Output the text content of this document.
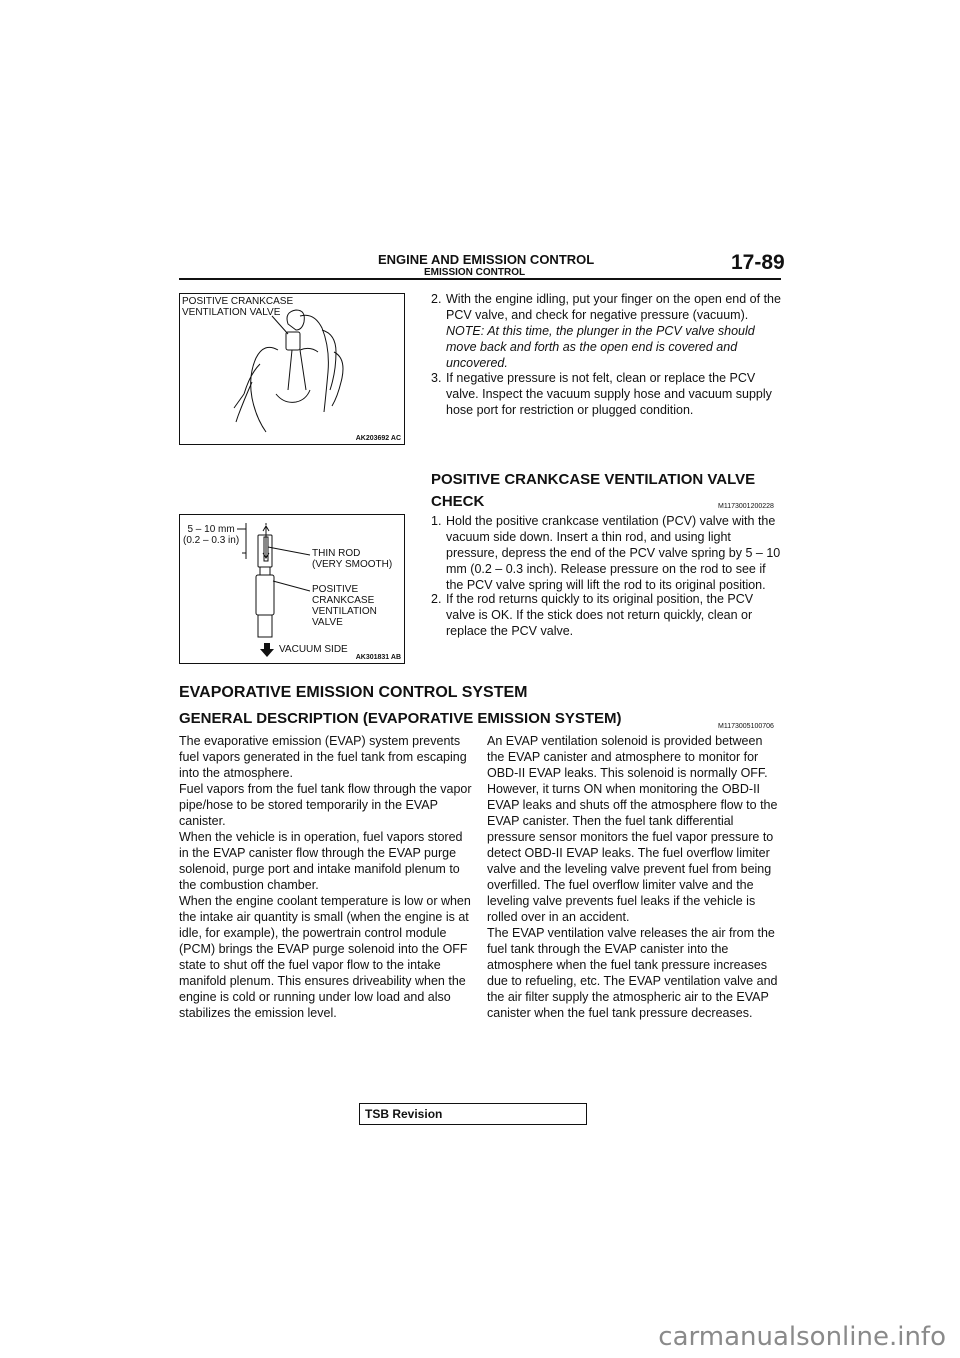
ENGINE AND EMISSION CONTROL
EMISSION CONTROL	17-89
POSITIVE CRANKCASE
VENTILATION VALVE
AK203692 AC
2. With the engine idling, put your finger on the open end of the PCV valve, and check for negative pressure (vacuum).
NOTE: At this time, the plunger in the PCV valve should move back and forth as the open end is covered and uncovered.
3. If negative pressure is not felt, clean or replace the PCV valve. Inspect the vacuum supply hose and vacuum supply hose port for restriction or plugged condition.
POSITIVE CRANKCASE VENTILATION VALVE
CHECK	M1173001200228
5 – 10 mm
(0.2 – 0.3 in)
THIN ROD
(VERY SMOOTH)
POSITIVE
CRANKCASE
VENTILATION
VALVE
VACUUM SIDE
AK301831 AB
1. Hold the positive crankcase ventilation (PCV) valve with the vacuum side down. Insert a thin rod, and using light pressure, depress the end of the PCV valve spring by 5 – 10 mm (0.2 – 0.3 inch). Release pressure on the rod to see if the PCV valve spring will lift the rod to its original position.
2. If the rod returns quickly to its original position, the PCV valve is OK. If the stick does not return quickly, clean or replace the PCV valve.
EVAPORATIVE EMISSION CONTROL SYSTEM
GENERAL DESCRIPTION (EVAPORATIVE EMISSION SYSTEM)	M1173005100706
The evaporative emission (EVAP) system prevents fuel vapors generated in the fuel tank from escaping into the atmosphere.
Fuel vapors from the fuel tank flow through the vapor pipe/hose to be stored temporarily in the EVAP canister.
When the vehicle is in operation, fuel vapors stored in the EVAP canister flow through the EVAP purge solenoid, purge port and intake manifold plenum to the combustion chamber.
When the engine coolant temperature is low or when the intake air quantity is small (when the engine is at idle, for example), the powertrain control module (PCM) brings the EVAP purge solenoid into the OFF state to shut off the fuel vapor flow to the intake manifold plenum. This ensures driveability when the engine is cold or running under low load and also stabilizes the emission level.
An EVAP ventilation solenoid is provided between the EVAP canister and atmosphere to monitor for OBD-II EVAP leaks. This solenoid is normally OFF. However, it turns ON when monitoring the OBD-II EVAP leaks and shuts off the atmosphere flow to the EVAP canister. Then the fuel tank differential pressure sensor monitors the fuel vapor pressure to detect OBD-II EVAP leaks. The fuel overflow limiter valve and the leveling valve prevent fuel from being overfilled. The fuel overflow limiter valve and the leveling valve prevents fuel leaks if the vehicle is rolled over in an accident.
The EVAP ventilation valve releases the air from the fuel tank through the EVAP canister into the atmosphere when the fuel tank pressure increases due to refueling, etc. The EVAP ventilation valve and the air filter supply the atmospheric air to the EVAP canister when the fuel tank pressure decreases.
TSB Revision
carmanualsonline.info
